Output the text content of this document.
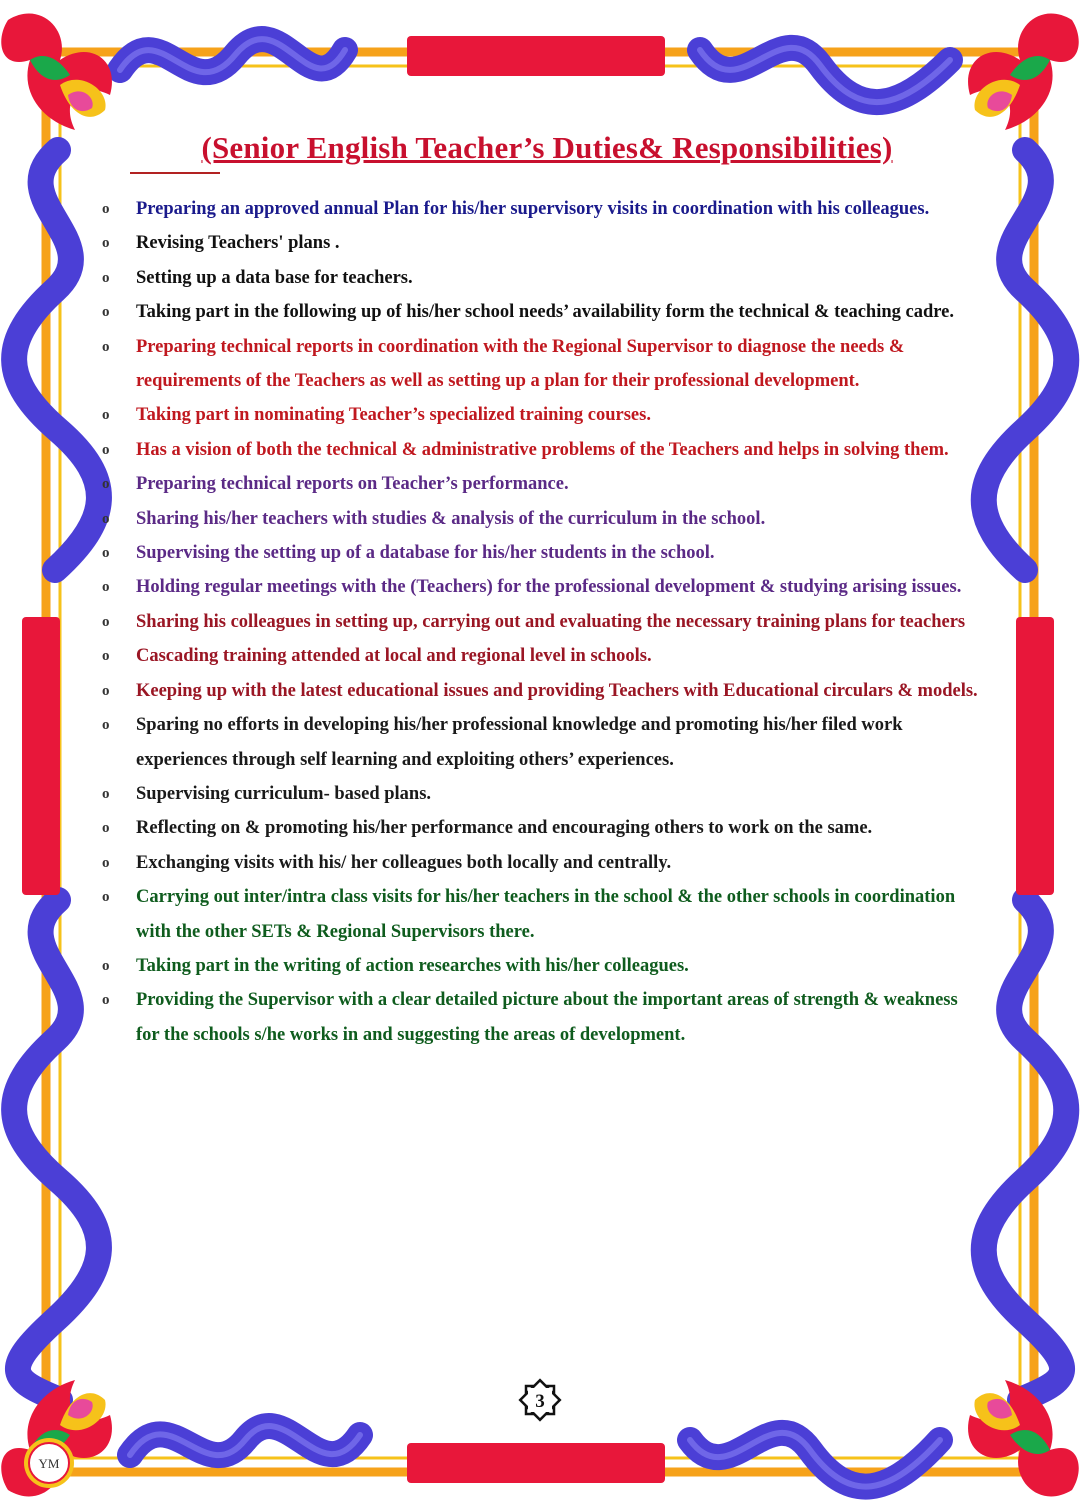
(Senior English Teacher’s Duties& Responsibilities)
o	Preparing an approved annual Plan for his/her supervisory visits in coordination with his colleagues.
o	Revising Teachers' plans .
o	Setting up a data base for teachers.
o	Taking part in the following up of his/her school needs’ availability form the technical & teaching cadre.
o	Preparing technical reports in coordination with the Regional Supervisor to diagnose the needs & requirements of the Teachers as well as setting up a plan for their professional development.
o	Taking part in nominating Teacher’s specialized training courses.
o	Has a vision of both the technical & administrative problems of the Teachers and helps in solving them.
o	Preparing technical reports on Teacher’s performance.
o	Sharing his/her teachers with studies & analysis of the curriculum in the school.
o	Supervising the setting up of a database for his/her students in the school.
o	Holding regular meetings with the (Teachers) for the professional development & studying arising issues.
o	Sharing his colleagues in setting up, carrying out and evaluating the necessary training plans for teachers
o	Cascading training attended at local and regional level in schools.
o	Keeping up with the latest educational issues and providing Teachers with Educational circulars & models.
o	Sparing no efforts in developing his/her professional knowledge and promoting his/her filed work experiences through self learning and exploiting others’ experiences.
o	Supervising curriculum- based plans.
o	Reflecting on & promoting his/her performance and encouraging others to work on the same.
o	Exchanging visits with his/ her colleagues both locally and centrally.
o	Carrying out inter/intra class visits for his/her teachers in the school & the other schools in coordination with the other SETs & Regional Supervisors there.
o	Taking part in the writing of action researches with his/her colleagues.
o	Providing the Supervisor with a clear detailed picture about the important areas of strength & weakness for the schools s/he works in and suggesting the areas of development.
3
YM
